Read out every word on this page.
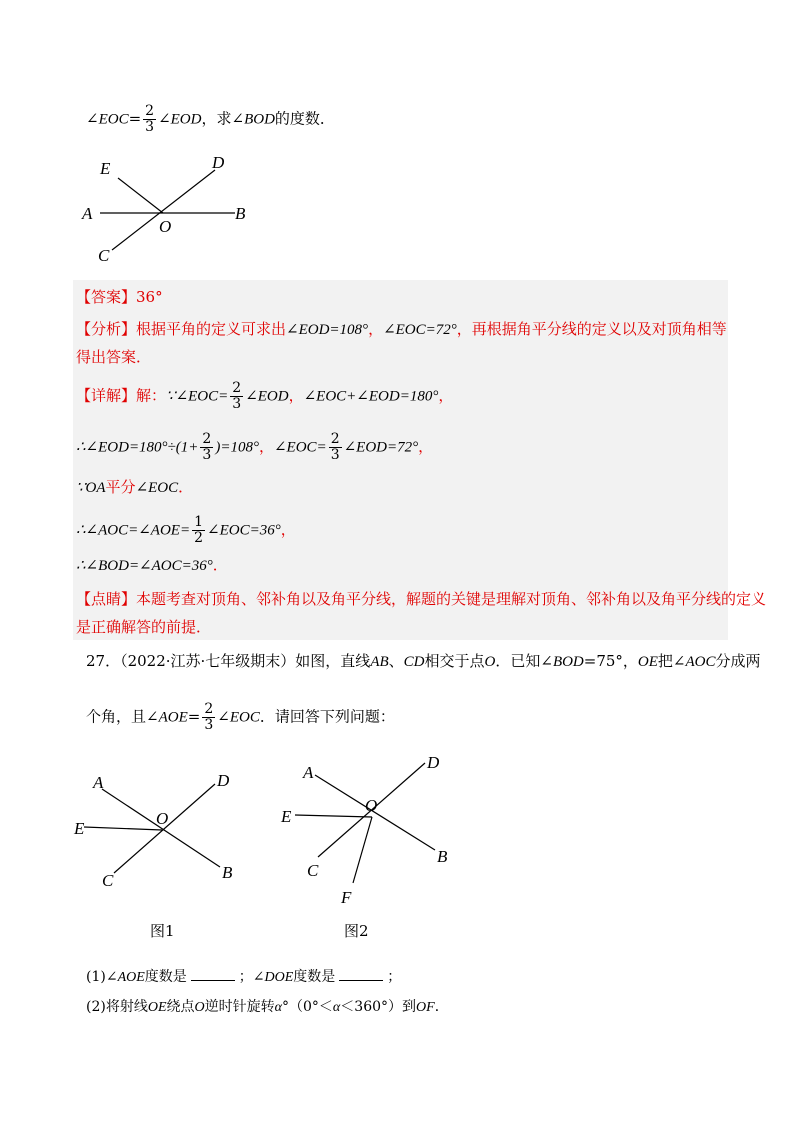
∠EOC= $\frac{2}{3}$ ∠EOD，求∠BOD的度数．
E	D
A
O
B
C
【答案】36°
【分析】根据平角的定义可求出∠EOD=108°，∠EOC=72°，再根据角平分线的定义以及对顶角相等
得出答案．
【详解】解：∵∠EOC= $\frac{2}{3}$ ∠EOD，∠EOC+∠EOD=180°，
∴∠EOD=180°÷(1+ $\frac{2}{3} )=108^\circ$，∠EOC= $\frac{2}{3}$ ∠EOD=72°，
∵OA平分∠EOC．
∴∠AOC=∠AOE= $\frac{1}{2}$ ∠EOC=36°，
∴∠BOD=∠AOC=36°．
【点睛】本题考查对顶角、邻补角以及角平分线，解题的关键是理解对顶角、邻补角以及角平分线的定义
是正确解答的前提．
27．（2022·江苏·七年级期末）如图，直线AB、CD相交于点O．已知∠BOD=75°，OE把∠AOC分成两
个角，且∠AOE= $\frac{2}{3}$ ∠EOC．请回答下列问题：
A	D
O
E
C	B
图1
A
D
O
E
B
C
F
图2
(1)∠AOE度数是	；∠DOE度数是	；
(2)将射线OE绕点O逆时针旋转α°（0°＜α＜360°）到OF．
